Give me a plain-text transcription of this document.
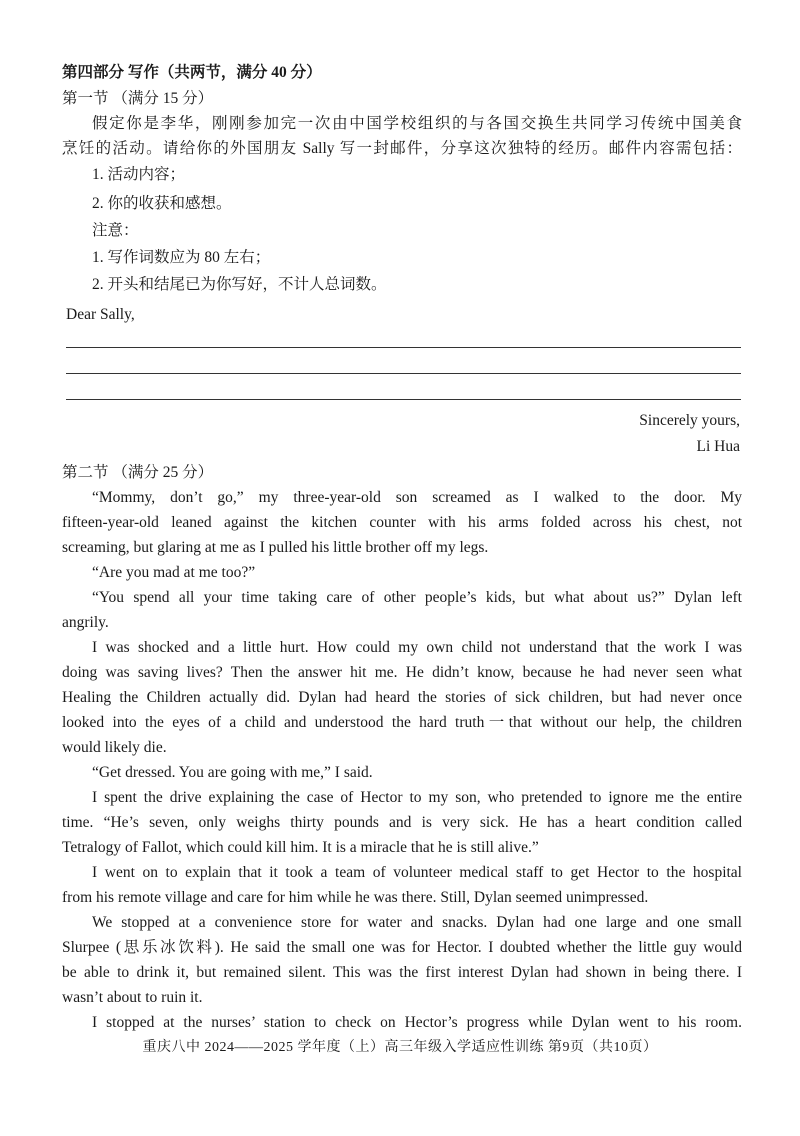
第四部分 写作（共两节，满分 40 分）
第一节 （满分 15 分）
假定你是李华，刚刚参加完一次由中国学校组织的与各国交换生共同学习传统中国美食
烹饪的活动。请给你的外国朋友 Sally 写一封邮件，分享这次独特的经历。邮件内容需包括：
1. 活动内容；
2. 你的收获和感想。
注意：
1. 写作词数应为 80 左右；
2. 开头和结尾已为你写好，不计人总词数。
Dear Sally,
Sincerely yours,
Li Hua
第二节 （满分 25 分）
“Mommy, don’t go,” my three-year-old son screamed as I walked to the door. My
fifteen-year-old leaned against the kitchen counter with his arms folded across his chest, not
screaming, but glaring at me as I pulled his little brother off my legs.
“Are you mad at me too?”
“You spend all your time taking care of other people’s kids, but what about us?” Dylan left
angrily.
I was shocked and a little hurt. How could my own child not understand that the work I was
doing was saving lives? Then the answer hit me. He didn’t know, because he had never seen what
Healing the Children actually did. Dylan had heard the stories of sick children, but had never once
looked into the eyes of a child and understood the hard truth一that without our help, the children
would likely die.
“Get dressed. You are going with me,” I said.
I spent the drive explaining the case of Hector to my son, who pretended to ignore me the entire
time. “He’s seven, only weighs thirty pounds and is very sick. He has a heart condition called
Tetralogy of Fallot, which could kill him. It is a miracle that he is still alive.”
I went on to explain that it took a team of volunteer medical staff to get Hector to the hospital
from his remote village and care for him while he was there. Still, Dylan seemed unimpressed.
We stopped at a convenience store for water and snacks. Dylan had one large and one small
Slurpee (思乐冰饮料). He said the small one was for Hector. I doubted whether the little guy would
be able to drink it, but remained silent. This was the first interest Dylan had shown in being there. I
wasn’t about to ruin it.
I stopped at the nurses’ station to check on Hector’s progress while Dylan went to his room.
重庆八中 2024——2025 学年度（上）高三年级入学适应性训练 第9页（共10页）
